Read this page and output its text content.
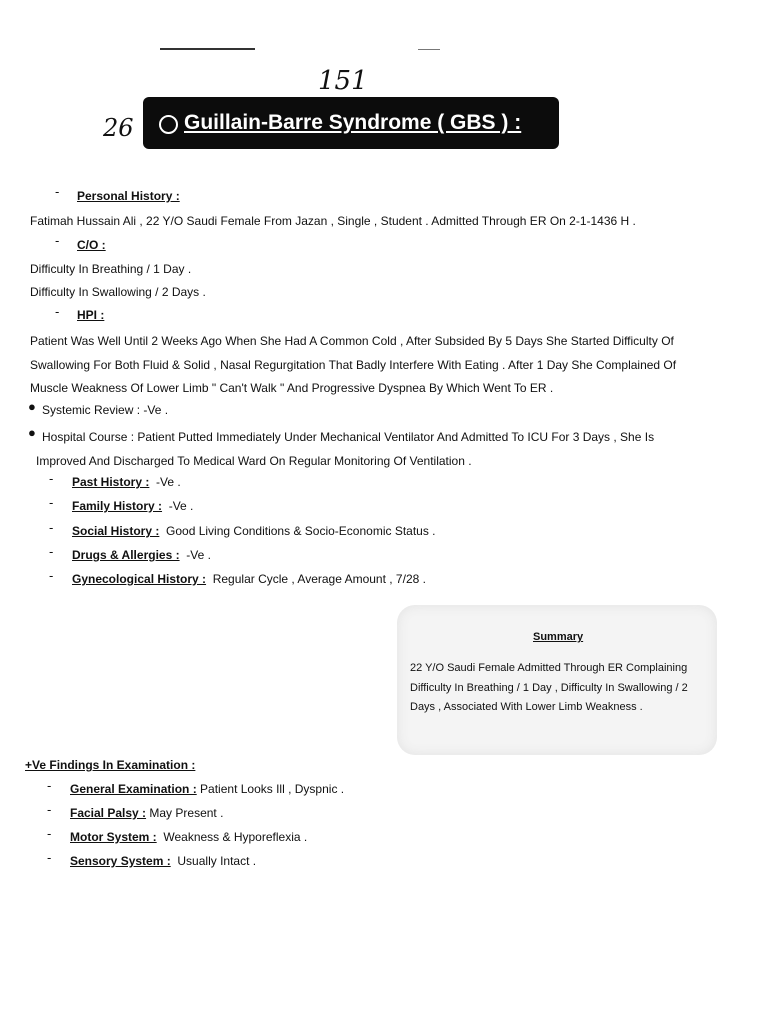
151
26 Guillain-Barre Syndrome ( GBS ) :
- Personal History :
Fatimah Hussain Ali , 22 Y/O Saudi Female From Jazan , Single , Student . Admitted Through ER On 2-1-1436 H .
- C/O :
Difficulty In Breathing / 1 Day .
Difficulty In Swallowing / 2 Days .
- HPI :
Patient Was Well Until 2 Weeks Ago When She Had A Common Cold , After Subsided By 5 Days She Started Difficulty Of
Swallowing For Both Fluid & Solid , Nasal Regurgitation That Badly Interfere With Eating . After 1 Day She Complained Of
Muscle Weakness Of Lower Limb " Can't Walk " And Progressive Dyspnea By Which Went To ER .
● Systemic Review : -Ve .
● Hospital Course : Patient Putted Immediately Under Mechanical Ventilator And Admitted To ICU For 3 Days , She Is
Improved And Discharged To Medical Ward On Regular Monitoring Of Ventilation .
- Past History : -Ve .
- Family History : -Ve .
- Social History : Good Living Conditions & Socio-Economic Status .
- Drugs & Allergies : -Ve .
- Gynecological History : Regular Cycle , Average Amount , 7/28 .
Summary
22 Y/O Saudi Female Admitted Through ER Complaining
Difficulty In Breathing / 1 Day , Difficulty In Swallowing / 2
Days , Associated With Lower Limb Weakness .
+Ve Findings In Examination :
- General Examination : Patient Looks Ill , Dyspnic .
- Facial Palsy : May Present .
- Motor System : Weakness & Hyporeflexia .
- Sensory System : Usually Intact .
